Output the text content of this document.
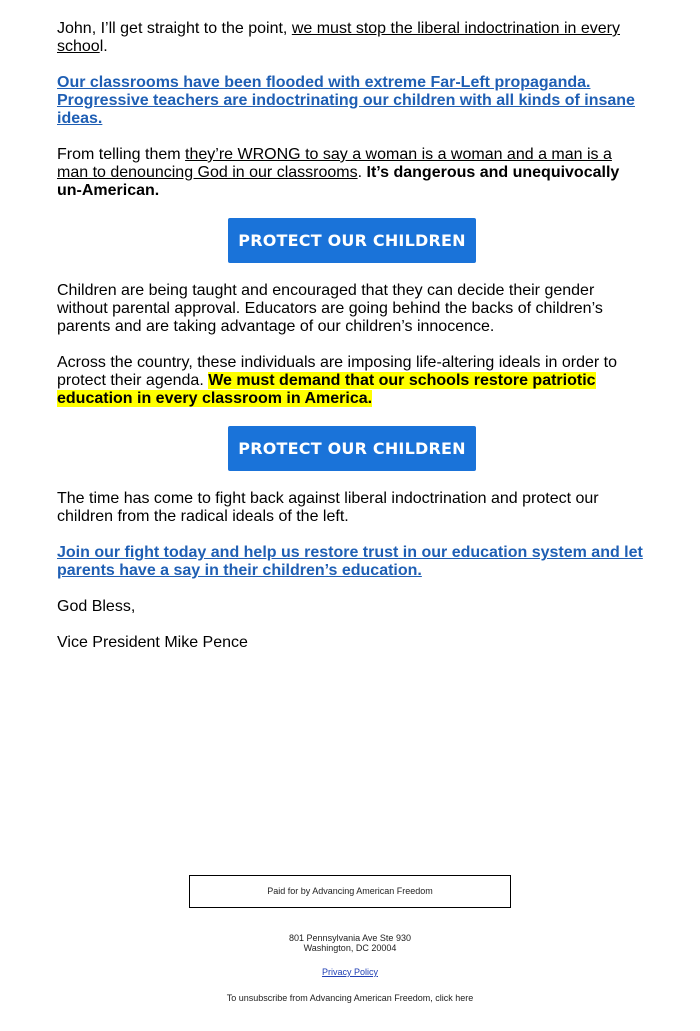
John, I’ll get straight to the point, we must stop the liberal indoctrination in every school.

Our classrooms have been flooded with extreme Far-Left propaganda. Progressive teachers are indoctrinating our children with all kinds of insane ideas.

From telling them they’re WRONG to say a woman is a woman and a man is a man to denouncing God in our classrooms. It’s dangerous and unequivocally un-American.

PROTECT OUR CHILDREN

Children are being taught and encouraged that they can decide their gender without parental approval. Educators are going behind the backs of children’s parents and are taking advantage of our children’s innocence.

Across the country, these individuals are imposing life-altering ideals in order to protect their agenda. We must demand that our schools restore patriotic education in every classroom in America.

PROTECT OUR CHILDREN

The time has come to fight back against liberal indoctrination and protect our children from the radical ideals of the left.

Join our fight today and help us restore trust in our education system and let parents have a say in their children’s education.

God Bless,

Vice President Mike Pence

Paid for by Advancing American Freedom
801 Pennsylvania Ave Ste 930
Washington, DC 20004
Privacy Policy
To unsubscribe from Advancing American Freedom, click here
